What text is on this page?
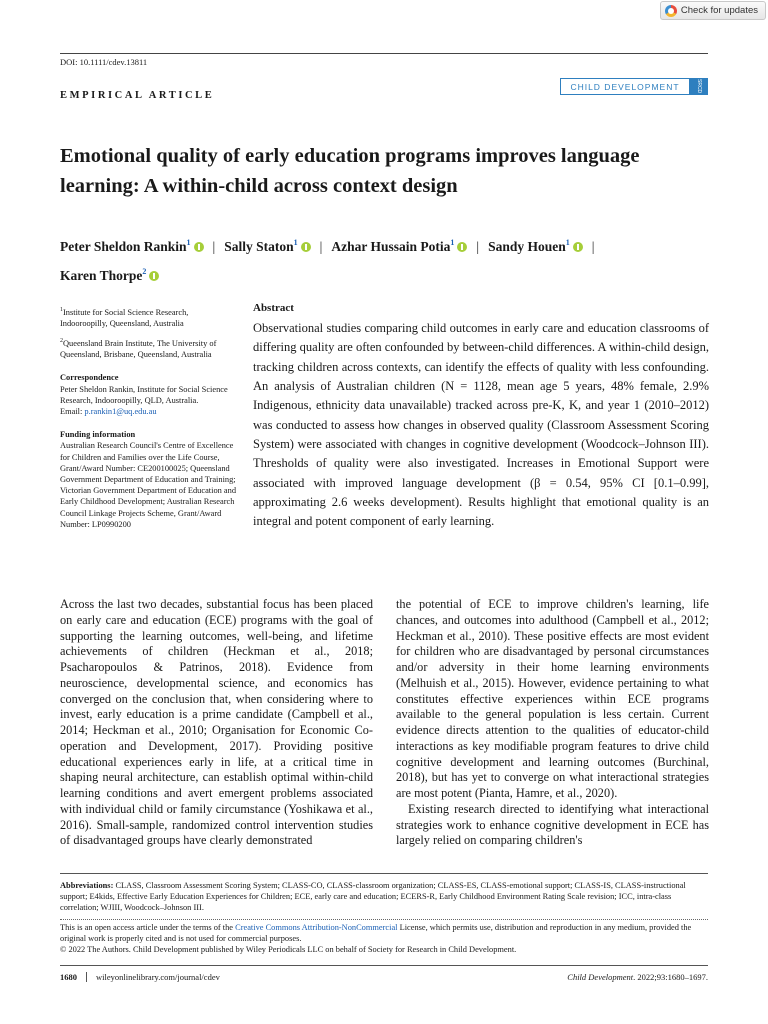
Check for updates
DOI: 10.1111/cdev.13811
EMPIRICAL ARTICLE
CHILD DEVELOPMENT	SRCD
Emotional quality of early education programs improves language learning: A within-child across context design
Peter Sheldon Rankin$^1$ | Sally Staton$^1$ | Azhar Hussain Potia$^1$ | Sandy Houen$^1$ |
Karen Thorpe$^2$
$^1$Institute for Social Science Research, Indooroopilly, Queensland, Australia
$^2$Queensland Brain Institute, The University of Queensland, Brisbane, Queensland, Australia
Correspondence
Peter Sheldon Rankin, Institute for Social Science Research, Indooroopilly, QLD, Australia.
Email: p.rankin1@uq.edu.au
Funding information
Australian Research Council's Centre of Excellence for Children and Families over the Life Course, Grant/Award Number: CE200100025; Queensland Government Department of Education and Training; Victorian Government Department of Education and Early Childhood Development; Australian Research Council Linkage Projects Scheme, Grant/Award Number: LP0990200
Abstract
Observational studies comparing child outcomes in early care and education classrooms of differing quality are often confounded by between-child differences. A within-child design, tracking children across contexts, can identify the effects of quality with less confounding. An analysis of Australian children (N = 1128, mean age 5 years, 48% female, 2.9% Indigenous, ethnicity data unavailable) tracked across pre-K, K, and year 1 (2010–2012) was conducted to assess how changes in observed quality (Classroom Assessment Scoring System) were associated with changes in cognitive development (Woodcock–Johnson III). Thresholds of quality were also investigated. Increases in Emotional Support were associated with improved language development (β = 0.54, 95% CI [0.1–0.99], approximating 2.6 weeks development). Results highlight that emotional quality is an integral and potent component of early learning.

Across the last two decades, substantial focus has been placed on early care and education (ECE) programs with the goal of supporting the learning outcomes, well-being, and lifetime achievements of children (Heckman et al., 2018; Psacharopoulos & Patrinos, 2018). Evidence from neuroscience, developmental science, and economics has converged on the conclusion that, when considering where to invest, early education is a prime candidate (Campbell et al., 2014; Heckman et al., 2010; Organisation for Economic Co-operation and Development, 2017). Providing positive educational experiences early in life, at a critical time in shaping neural architecture, can establish optimal within-child learning conditions and avert emergent problems associated with individual child or family circumstance (Yoshikawa et al., 2016). Small-sample, randomized control intervention studies of disadvantaged groups have clearly demonstrated

the potential of ECE to improve children's learning, life chances, and outcomes into adulthood (Campbell et al., 2012; Heckman et al., 2010). These positive effects are most evident for children who are disadvantaged by personal circumstances and/or adversity in their home learning environments (Melhuish et al., 2015). However, evidence pertaining to what constitutes effective experiences within ECE programs available to the general population is less certain. Current evidence directs attention to the qualities of educator-child interactions as key modifiable program features to drive child cognitive development and learning outcomes (Burchinal, 2018), but has yet to converge on what interactional strategies are most potent (Pianta, Hamre, et al., 2020).

Existing research directed to identifying what interactional strategies work to enhance cognitive development in ECE has largely relied on comparing children's

Abbreviations: CLASS, Classroom Assessment Scoring System; CLASS-CO, CLASS-classroom organization; CLASS-ES, CLASS-emotional support; CLASS-IS, CLASS-instructional support; E4kids, Effective Early Education Experiences for Children; ECE, early care and education; ECERS-R, Early Childhood Environment Rating Scale revision; ICC, intra-class correlation; WJIII, Woodcock–Johnson III.
This is an open access article under the terms of the Creative Commons Attribution-NonCommercial License, which permits use, distribution and reproduction in any medium, provided the original work is properly cited and is not used for commercial purposes.
© 2022 The Authors. Child Development published by Wiley Periodicals LLC on behalf of Society for Research in Child Development.
1680	wileyonlinelibrary.com/journal/cdev	Child Development. 2022;93:1680–1697.
